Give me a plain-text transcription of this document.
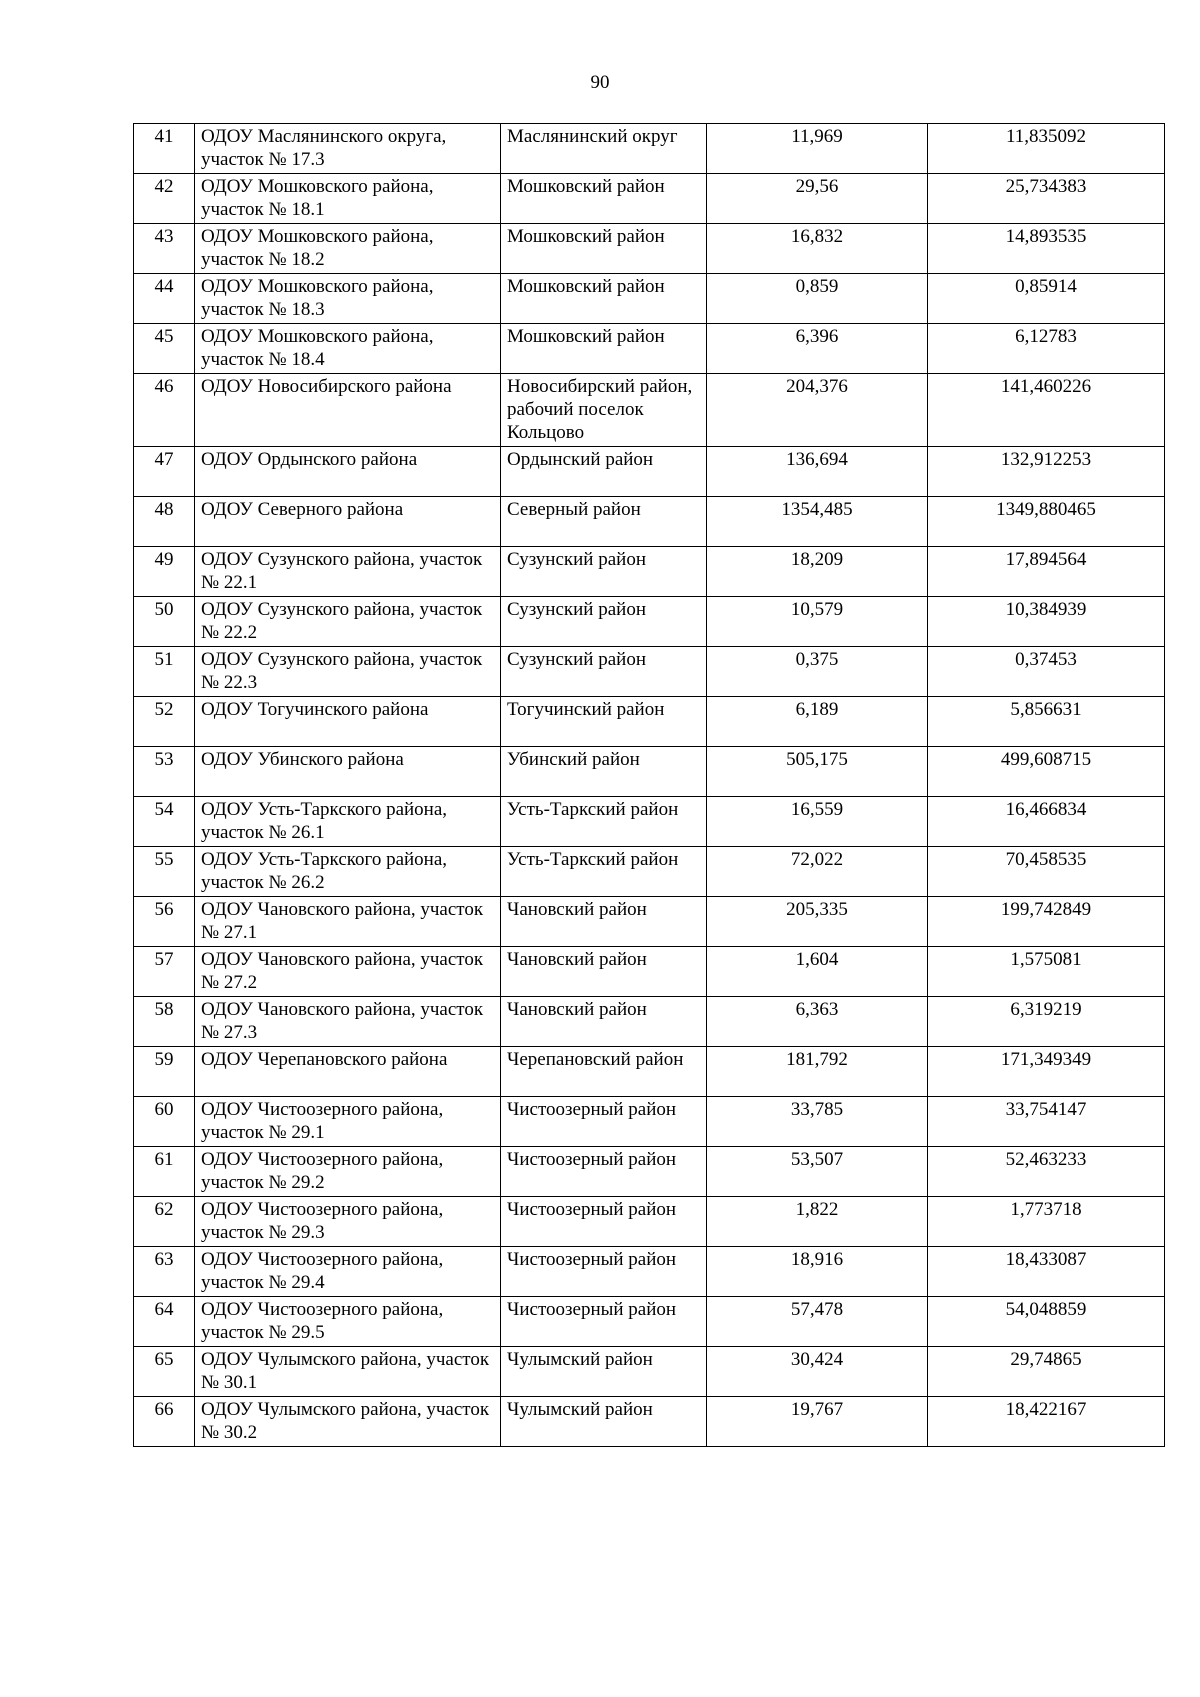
90
41	ОДОУ Маслянинского округа, участок № 17.3	Маслянинский округ	11,969	11,835092
42	ОДОУ Мошковского района, участок № 18.1	Мошковский район	29,56	25,734383
43	ОДОУ Мошковского района, участок № 18.2	Мошковский район	16,832	14,893535
44	ОДОУ Мошковского района, участок № 18.3	Мошковский район	0,859	0,85914
45	ОДОУ Мошковского района, участок № 18.4	Мошковский район	6,396	6,12783
46	ОДОУ Новосибирского района	Новосибирский район, рабочий поселок Кольцово	204,376	141,460226
47	ОДОУ Ордынского района	Ордынский район	136,694	132,912253
48	ОДОУ Северного района	Северный район	1354,485	1349,880465
49	ОДОУ Сузунского района, участок № 22.1	Сузунский район	18,209	17,894564
50	ОДОУ Сузунского района, участок № 22.2	Сузунский район	10,579	10,384939
51	ОДОУ Сузунского района, участок № 22.3	Сузунский район	0,375	0,37453
52	ОДОУ Тогучинского района	Тогучинский район	6,189	5,856631
53	ОДОУ Убинского района	Убинский район	505,175	499,608715
54	ОДОУ Усть-Таркского района, участок № 26.1	Усть-Таркский район	16,559	16,466834
55	ОДОУ Усть-Таркского района, участок № 26.2	Усть-Таркский район	72,022	70,458535
56	ОДОУ Чановского района, участок № 27.1	Чановский район	205,335	199,742849
57	ОДОУ Чановского района, участок № 27.2	Чановский район	1,604	1,575081
58	ОДОУ Чановского района, участок № 27.3	Чановский район	6,363	6,319219
59	ОДОУ Черепановского района	Черепановский район	181,792	171,349349
60	ОДОУ Чистоозерного района, участок № 29.1	Чистоозерный район	33,785	33,754147
61	ОДОУ Чистоозерного района, участок № 29.2	Чистоозерный район	53,507	52,463233
62	ОДОУ Чистоозерного района, участок № 29.3	Чистоозерный район	1,822	1,773718
63	ОДОУ Чистоозерного района, участок № 29.4	Чистоозерный район	18,916	18,433087
64	ОДОУ Чистоозерного района, участок № 29.5	Чистоозерный район	57,478	54,048859
65	ОДОУ Чулымского района, участок № 30.1	Чулымский район	30,424	29,74865
66	ОДОУ Чулымского района, участок № 30.2	Чулымский район	19,767	18,422167
